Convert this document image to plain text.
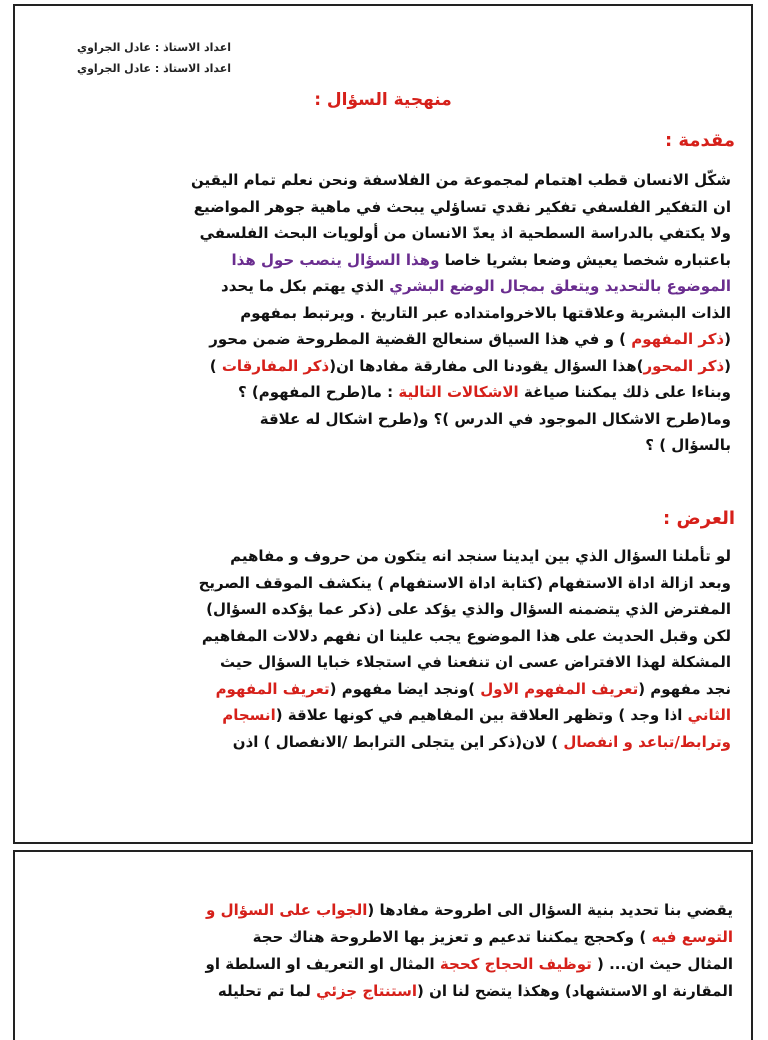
اعداد الاستاذ : عادل الجراوي
اعداد الاستاذ : عادل الجراوي
منهجية السؤال :
مقدمة :
شكّل الانسان قطب اهتمام لمجموعة من الفلاسفة ونحن نعلم تمام اليقين
ان التفكير الفلسفي تفكير نقدي تساؤلي يبحث في ماهية جوهر المواضيع
ولا يكتفي بالدراسة السطحية اذ يعدّ الانسان من أولويات البحث الفلسفي
باعتباره شخصا يعيش وضعا بشريا خاصا وهذا السؤال ينصب حول هذا
الموضوع بالتحديد ويتعلق بمجال الوضع البشري الذي يهتم بكل ما يحدد
الذات البشرية وعلاقتها بالاخروامتداده عبر التاريخ . ويرتبط بمفهوم
(ذكر المفهوم ) و في هذا السياق سنعالج القضية المطروحة ضمن محور
(ذكر المحور)هذا السؤال يقودنا الى مفارقة مفادها ان(ذكر المفارقات )
وبناءا على ذلك يمكننا صياغة الاشكالات التالية : ما(طرح المفهوم) ؟
وما(طرح الاشكال الموجود في الدرس )؟ و(طرح اشكال له علاقة
بالسؤال ) ؟
العرض :
لو تأملنا السؤال الذي بين ايدينا سنجد انه يتكون من حروف و مفاهيم
وبعد ازالة اداة الاستفهام (كتابة اداة الاستفهام ) ينكشف الموقف الصريح
المفترض الذي يتضمنه السؤال والذي يؤكد على (ذكر عما يؤكده السؤال)
لكن وقبل الحديث على هذا الموضوع يجب علينا ان نفهم دلالات المفاهيم
المشكلة لهذا الافتراض عسى ان تنفعنا في استجلاء خبايا السؤال حيث
نجد مفهوم (تعريف المفهوم الاول )ونجد ايضا مفهوم (تعريف المفهوم
الثاني اذا وجد ) وتظهر العلاقة بين المفاهيم في كونها علاقة (انسجام
وترابط/تباعد و انفصال ) لان(ذكر اين يتجلى الترابط /الانفصال ) اذن
يقضي بنا تحديد بنية السؤال الى اطروحة مفادها (الجواب على السؤال و
التوسع فيه ) وكحجج يمكننا تدعيم و تعزيز بها الاطروحة هناك حجة
المثال حيث ان... ( توظيف الحجاج كحجة المثال او التعريف او السلطة او
المقارنة او الاستشهاد) وهكذا يتضح لنا ان (استنتاج جزئي لما تم تحليله
